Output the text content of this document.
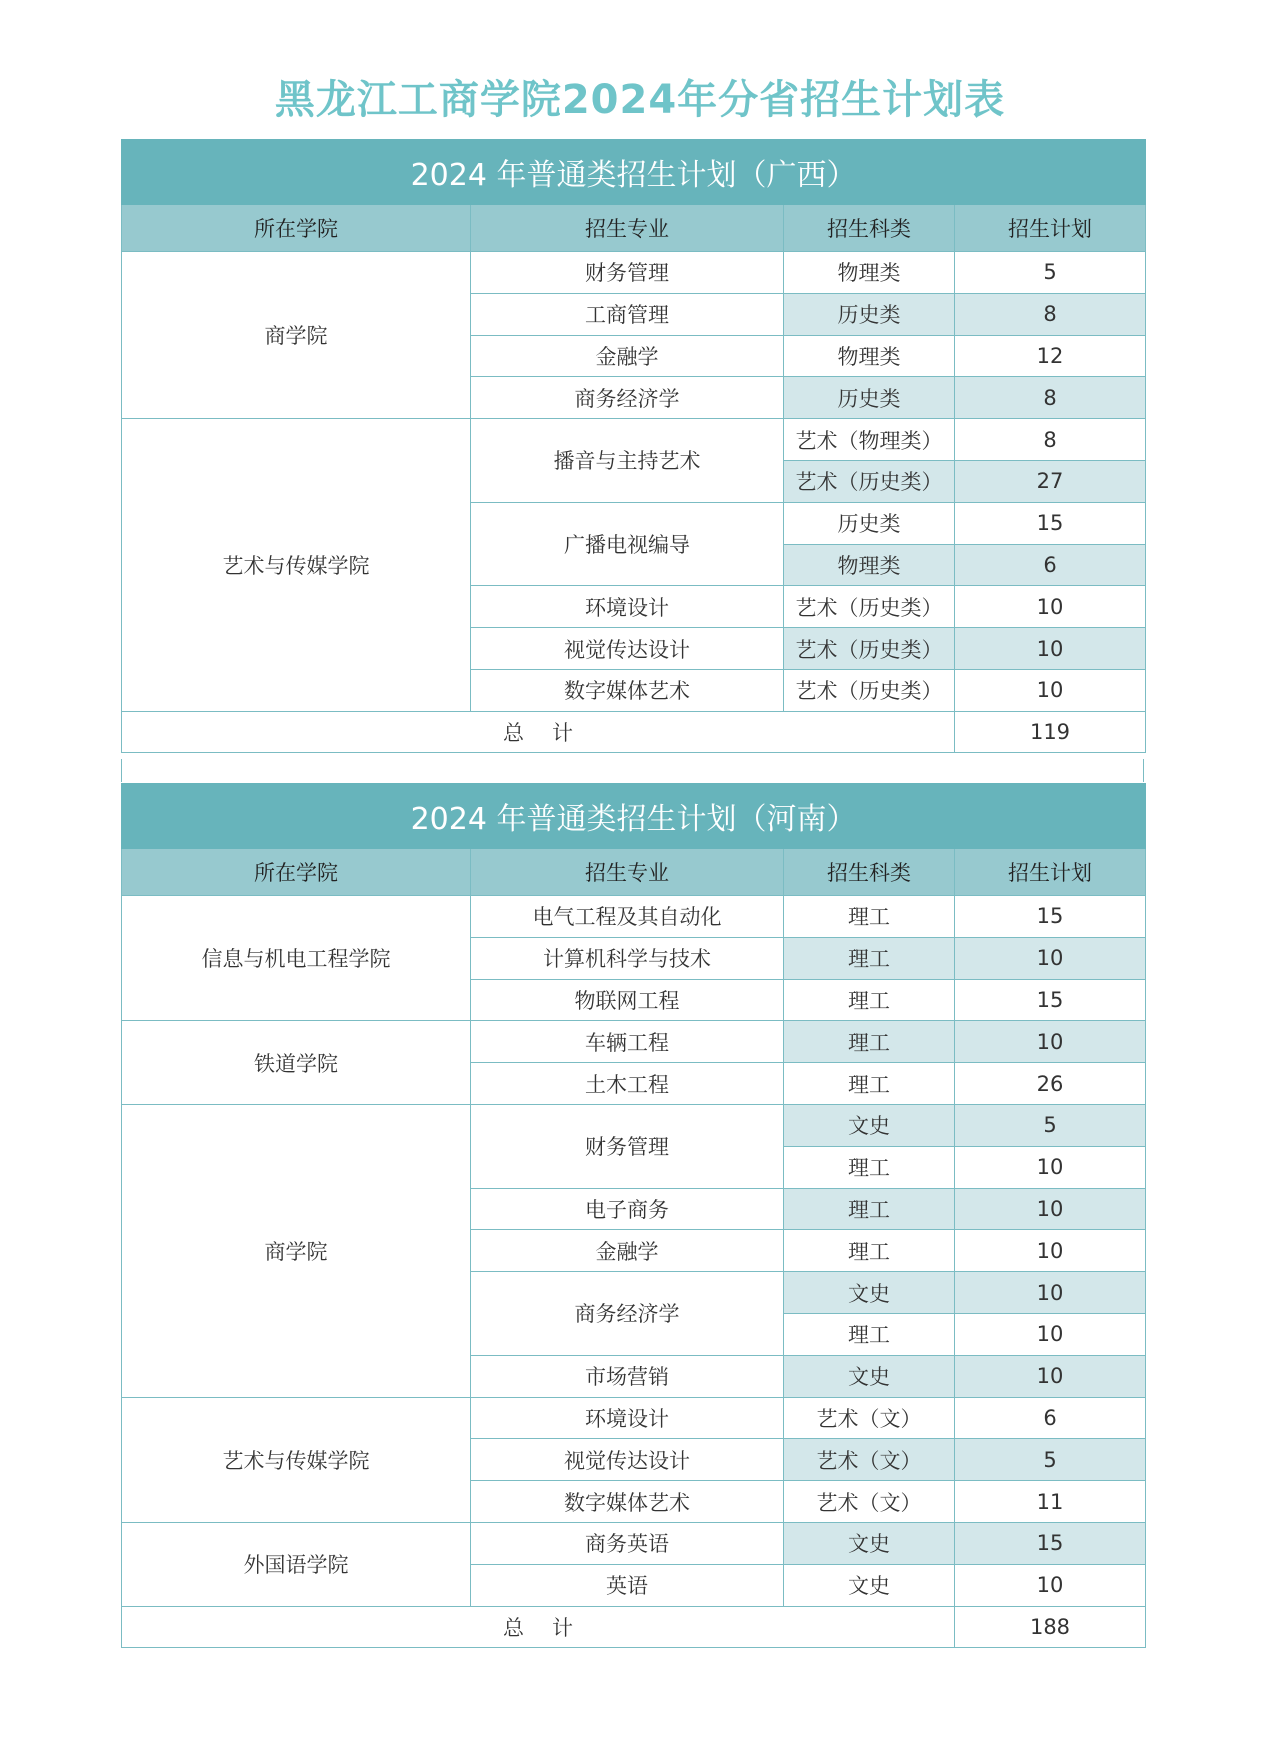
黑龙江工商学院2024年分省招生计划表
2024 年普通类招生计划（广西）			
所在学院	招生专业	招生科类	招生计划
商学院	财务管理	物理类	5
	工商管理	历史类	8
	金融学	物理类	12
	商务经济学	历史类	8
艺术与传媒学院	播音与主持艺术	艺术（物理类）	8
		艺术（历史类）	27
	广播电视编导	历史类	15
		物理类	6
	环境设计	艺术（历史类）	10
	视觉传达设计	艺术（历史类）	10
	数字媒体艺术	艺术（历史类）	10
总计			119
2024 年普通类招生计划（河南）			
所在学院	招生专业	招生科类	招生计划
信息与机电工程学院	电气工程及其自动化	理工	15
	计算机科学与技术	理工	10
	物联网工程	理工	15
铁道学院	车辆工程	理工	10
	土木工程	理工	26
商学院	财务管理	文史	5
		理工	10
	电子商务	理工	10
	金融学	理工	10
	商务经济学	文史	10
		理工	10
	市场营销	文史	10
艺术与传媒学院	环境设计	艺术（文）	6
	视觉传达设计	艺术（文）	5
	数字媒体艺术	艺术（文）	11
外国语学院	商务英语	文史	15
	英语	文史	10
总计			188
